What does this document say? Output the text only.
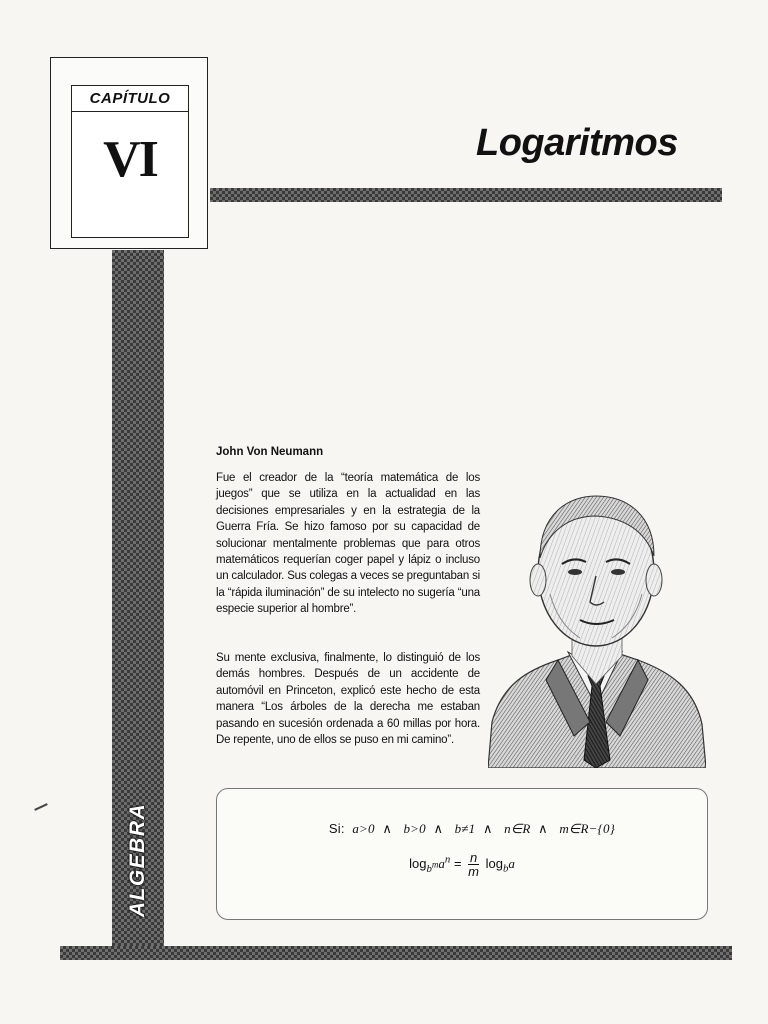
CAPÍTULO
VI	Logaritmos
ALGEBRA
John Von Neumann
Fue el creador de la “teoría matemática de los juegos” que se utiliza en la actualidad en las decisiones empresariales y en la estrategia de la Guerra Fría. Se hizo famoso por su capacidad de solucionar mentalmente problemas que para otros matemáticos requerían coger papel y lápiz o incluso un calculador. Sus colegas a veces se preguntaban si la “rápida iluminación” de su intelecto no sugería “una especie superior al hombre”.
Su mente exclusiva, finalmente, lo distinguió de los demás hombres. Después de un accidente de automóvil en Princeton, explicó este hecho de esta manera “Los árboles de la derecha me estaban pasando en sucesión ordenada a 60 millas por hora. De repente, uno de ellos se puso en mi camino”.
Si: a>0 ∧ b>0 ∧ b≠1 ∧ n∈R ∧ m∈R−{0}
$\log_{b^m}a^n = \frac{n}{m} \log_ba$
